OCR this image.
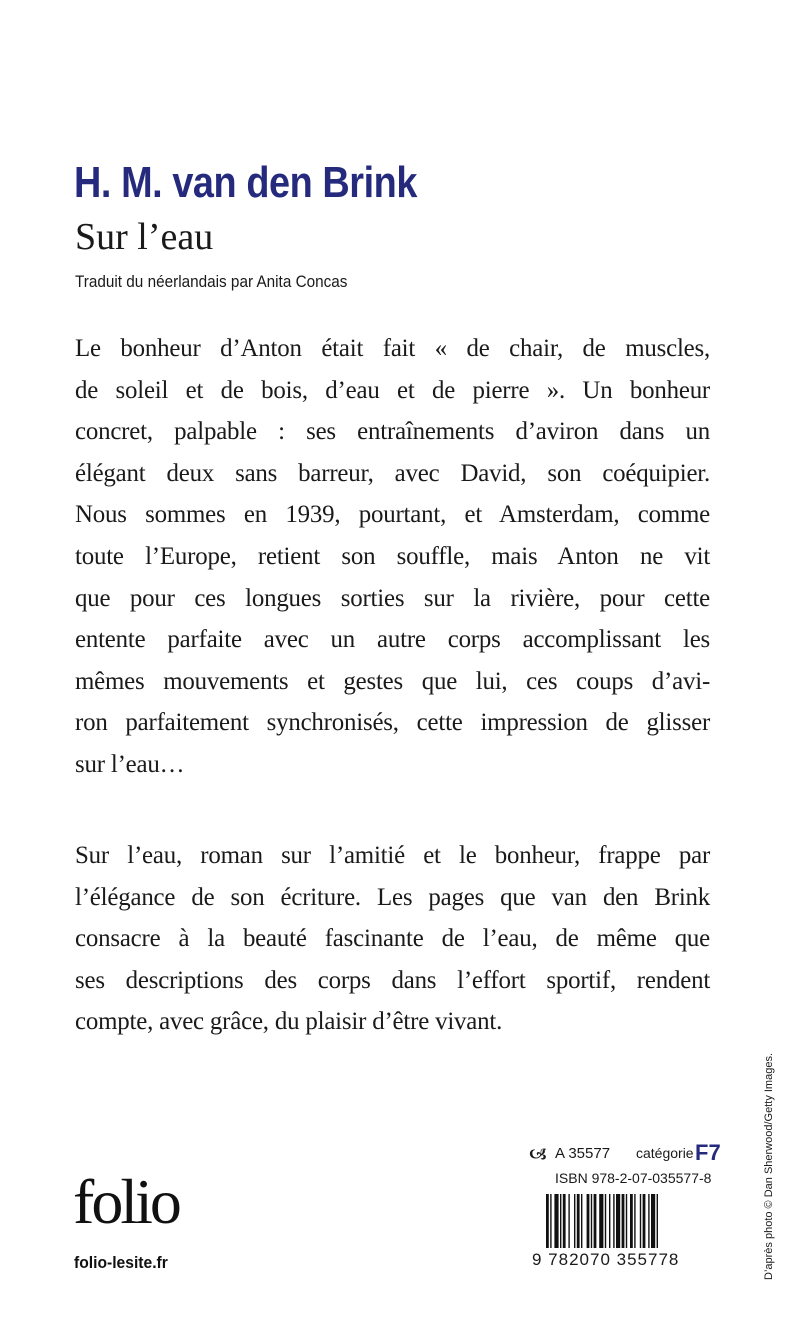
H. M. van den Brink
Sur l’eau
Traduit du néerlandais par Anita Concas

Le bonheur d’Anton était fait « de chair, de muscles,
de soleil et de bois, d’eau et de pierre ». Un bonheur
concret, palpable : ses entraînements d’aviron dans un
élégant deux sans barreur, avec David, son coéquipier.
Nous sommes en 1939, pourtant, et Amsterdam, comme
toute l’Europe, retient son souffle, mais Anton ne vit
que pour ces longues sorties sur la rivière, pour cette
entente parfaite avec un autre corps accomplissant les
mêmes mouvements et gestes que lui, ces coups d’avi-
ron parfaitement synchronisés, cette impression de glisser
sur l’eau…

Sur l’eau, roman sur l’amitié et le bonheur, frappe par
l’élégance de son écriture. Les pages que van den Brink
consacre à la beauté fascinante de l’eau, de même que
ses descriptions des corps dans l’effort sportif, rendent
compte, avec grâce, du plaisir d’être vivant.

D’après photo © Dan Sherwood/Getty Images.
folio
folio-lesite.fr
🙦 A 35577 catégorie F7
ISBN 978-2-07-035577-8
9 782070 355778
